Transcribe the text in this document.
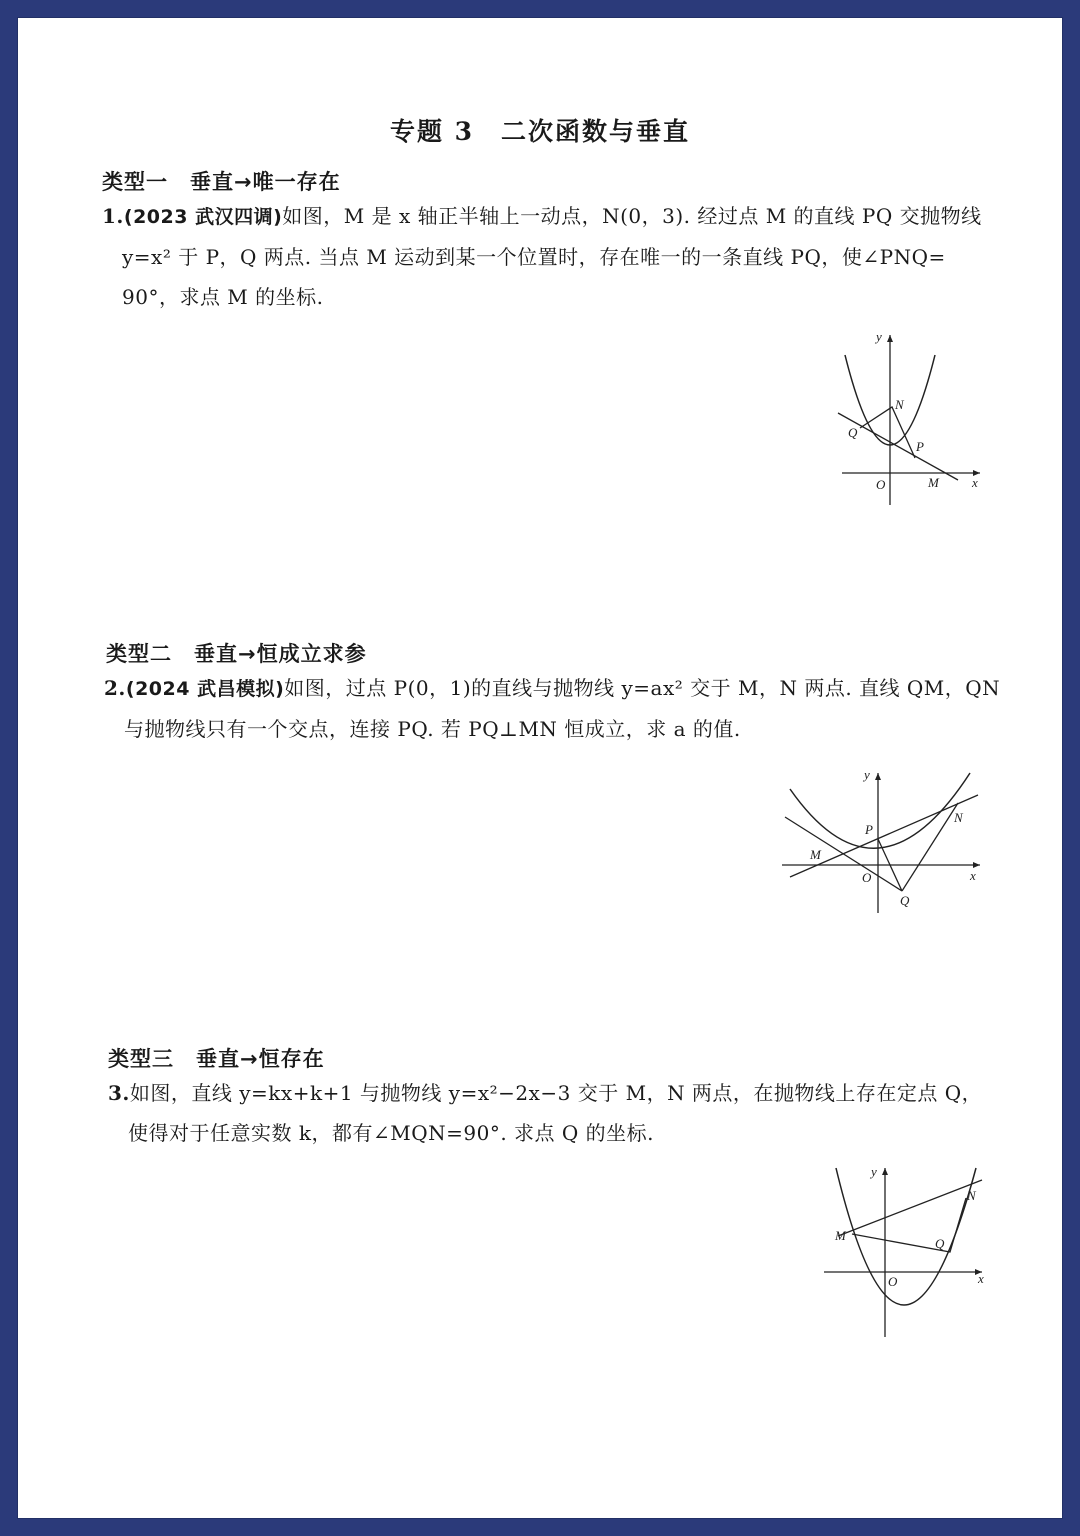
专题 3　二次函数与垂直
类型一　垂直→唯一存在
1.(2023 武汉四调)如图，M 是 x 轴正半轴上一动点，N(0，3). 经过点 M 的直线 PQ 交抛物线
y=x² 于 P，Q 两点. 当点 M 运动到某一个位置时，存在唯一的一条直线 PQ，使∠PNQ=
90°，求点 M 的坐标.
y
x
O
N
Q
P
M
类型二　垂直→恒成立求参
2.(2024 武昌模拟)如图，过点 P(0，1)的直线与抛物线 y=ax² 交于 M，N 两点. 直线 QM，QN
与抛物线只有一个交点，连接 PQ. 若 PQ⊥MN 恒成立，求 a 的值.
y
x
O
P
M
N
Q
类型三　垂直→恒存在
3.如图，直线 y=kx+k+1 与抛物线 y=x²−2x−3 交于 M，N 两点，在抛物线上存在定点 Q，
使得对于任意实数 k，都有∠MQN=90°. 求点 Q 的坐标.
y
x
O
M
N
Q
